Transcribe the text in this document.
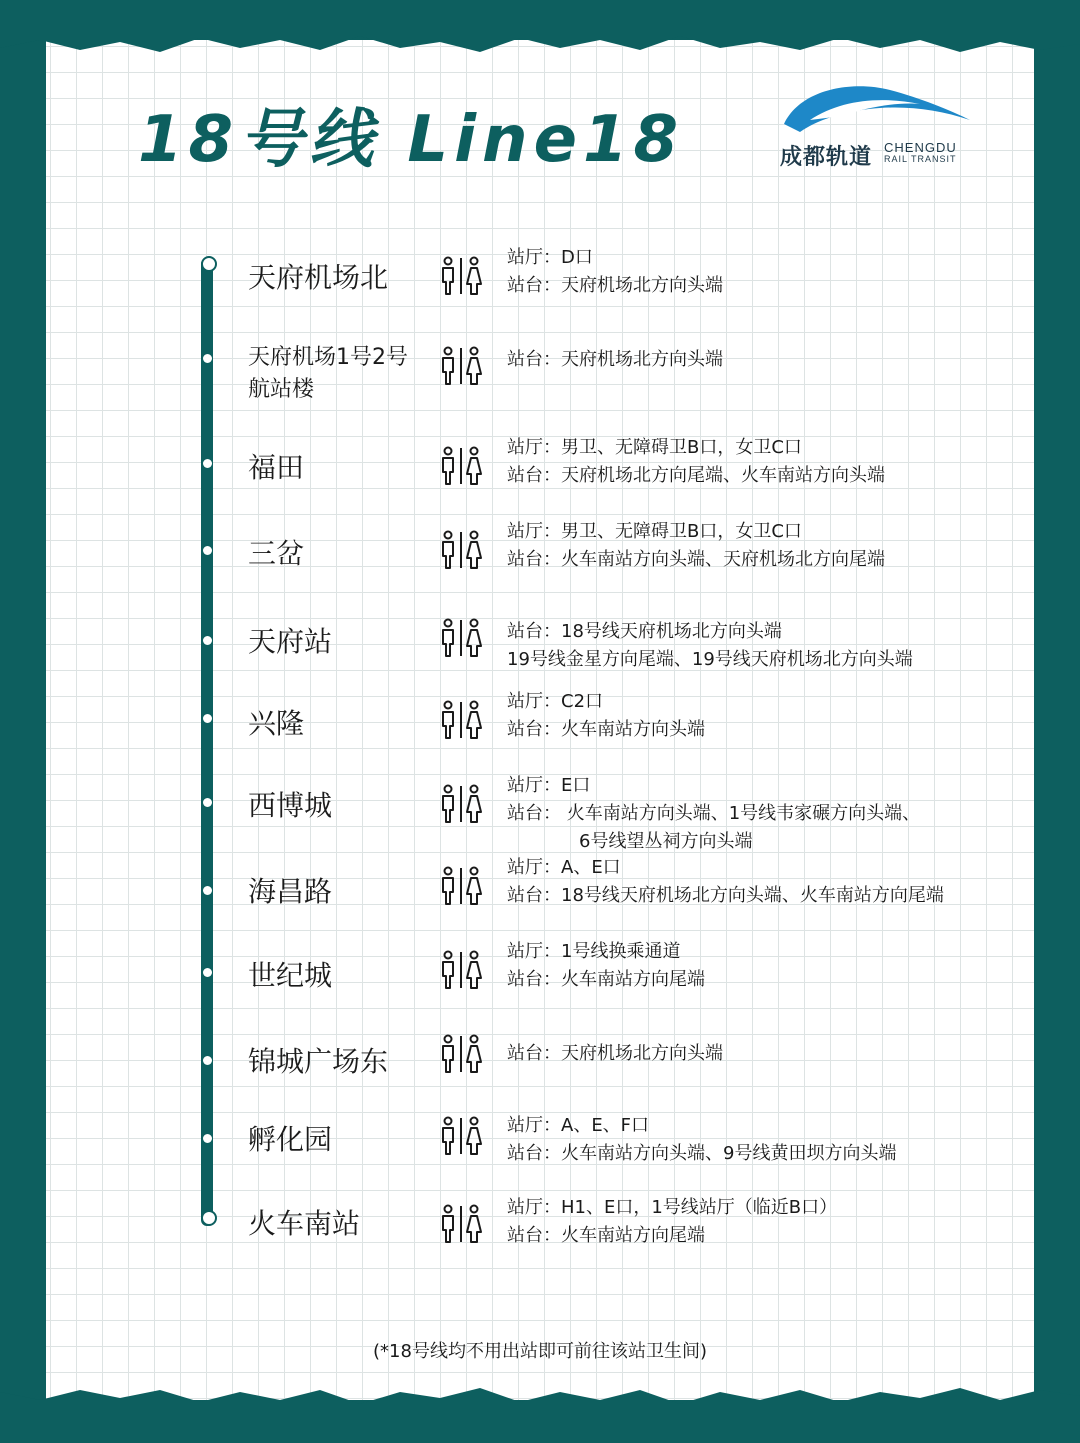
18号线 Line18	成都轨道 CHENGDU
RAIL TRANSIT
天府机场北
站厅：D口
站台：天府机场北方向头端
天府机场1号2号航站楼
站台：天府机场北方向头端
福田
站厅：男卫、无障碍卫B口，女卫C口
站台：天府机场北方向尾端、火车南站方向头端
三岔
站厅：男卫、无障碍卫B口，女卫C口
站台：火车南站方向头端、天府机场北方向尾端
天府站	站台：18号线天府机场北方向头端
19号线金星方向尾端、19号线天府机场北方向头端
兴隆
站厅：C2口
站台：火车南站方向头端
西博城
站厅：E口
站台： 火车南站方向头端、1号线韦家碾方向头端、
6号线望丛祠方向头端
海昌路
站厅：A、E口
站台：18号线天府机场北方向头端、火车南站方向尾端
世纪城
站厅：1号线换乘通道
站台：火车南站方向尾端
锦城广场东	站台：天府机场北方向头端
孵化园	站厅：A、E、F口
站台：火车南站方向头端、9号线黄田坝方向头端
火车南站	站厅：H1、E口，1号线站厅（临近B口）
站台：火车南站方向尾端
(*18号线均不用出站即可前往该站卫生间)
